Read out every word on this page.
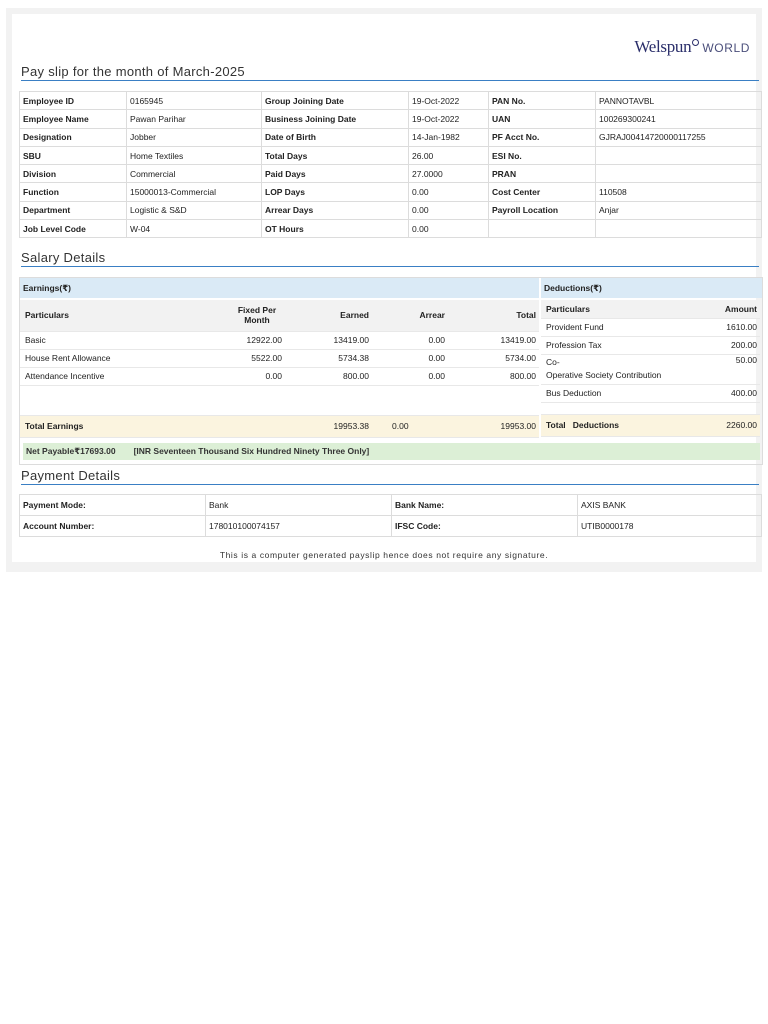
Welspun WORLD
Pay slip for the month of March-2025
Employee ID	0165945	Group Joining Date	19-Oct-2022	PAN No.	PANNOTAVBL
Employee Name	Pawan Parihar	Business Joining Date	19-Oct-2022	UAN	100269300241
Designation	Jobber	Date of Birth	14-Jan-1982	PF Acct No.	GJRAJ00414720000117255
SBU	Home Textiles	Total Days	26.00	ESI No.	
Division	Commercial	Paid Days	27.0000	PRAN	
Function	15000013-Commercial	LOP Days	0.00	Cost Center	110508
Department	Logistic & S&D	Arrear Days	0.00	Payroll Location	Anjar
Job Level Code	W-04	OT Hours	0.00		
Salary Details
Earnings(₹)	Deductions(₹)
Particulars	Fixed Per Month	Earned	Arrear	Total
Basic	12922.00	13419.00	0.00	13419.00
House Rent Allowance	5522.00	5734.38	0.00	5734.00
Attendance Incentive	0.00	800.00	0.00	800.00

Total Earnings		19953.38	0.00	19953.00
Particulars	Amount
Provident Fund	1610.00
Profession Tax	200.00
Co-
Operative Society Contribution	50.00
Bus Deduction	400.00

Total   Deductions	2260.00
Net Payable₹17693.00 [INR Seventeen Thousand Six Hundred Ninety Three Only]
Payment Details
Payment Mode:	Bank	Bank Name:	AXIS BANK
Account Number:	178010100074157	IFSC Code:	UTIB0000178
This is a computer generated payslip hence does not require any signature.
